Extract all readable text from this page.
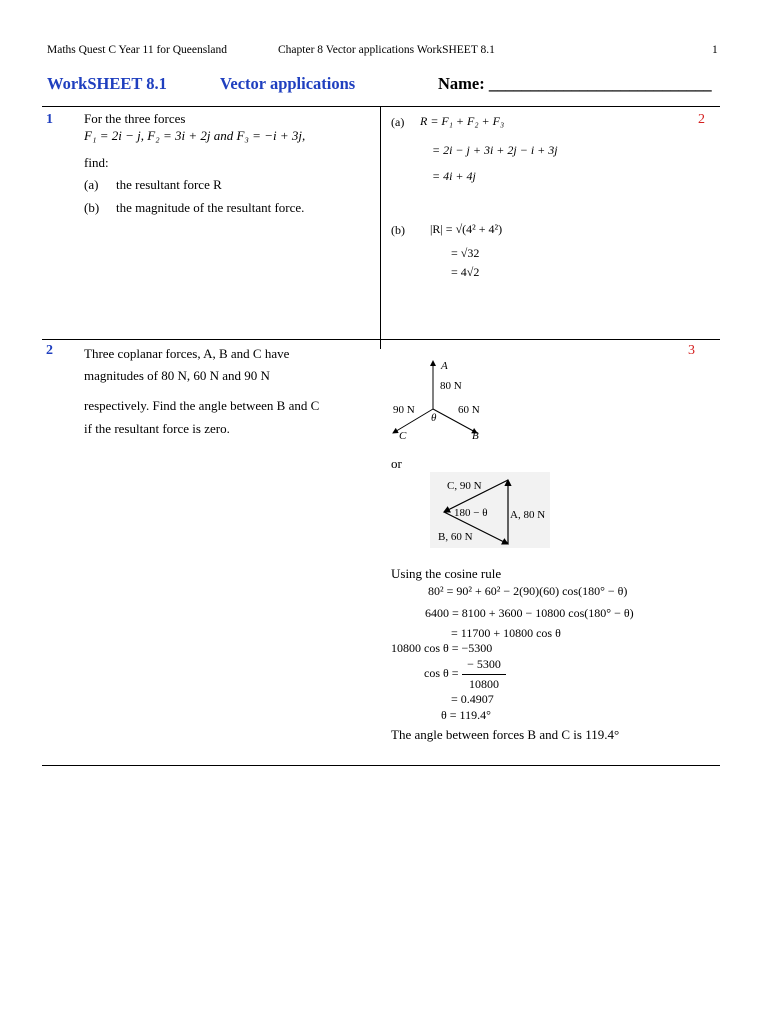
Maths Quest C Year 11 for Queensland	Chapter 8 Vector applications WorkSHEET 8.1	1
WorkSHEET 8.1	Vector applications	Name: ___________________________
1	2
For the three forces
F₁ = 2i − j, F₂ = 3i + 2j and F₃ = −i + 3j,
find:
(a) the resultant force R
(b) the magnitude of the resultant force.
(a) R = F₁ + F₂ + F₃
= 2i − j + 3i + 2j − i + 3j
= 4i + 4j
(b) |R| = √(4² + 4²)
= √32
= 4√2
2	3
Three coplanar forces, A, B and C have
magnitudes of 80 N, 60 N and 90 N
respectively. Find the angle between B and C
if the resultant force is zero.
A
80 N
90 N	60 N
θ
C	B
or
C, 90 N
180 − θ A, 80 N
B, 60 N
Using the cosine rule
80² = 90² + 60² − 2(90)(60) cos(180° − θ)
6400 = 8100 + 3600 − 10800 cos(180° − θ)
= 11700 + 10800 cos θ
10800 cos θ = −5300
cos θ =
− 5300
10800
= 0.4907
θ = 119.4°
The angle between forces B and C is 119.4°
